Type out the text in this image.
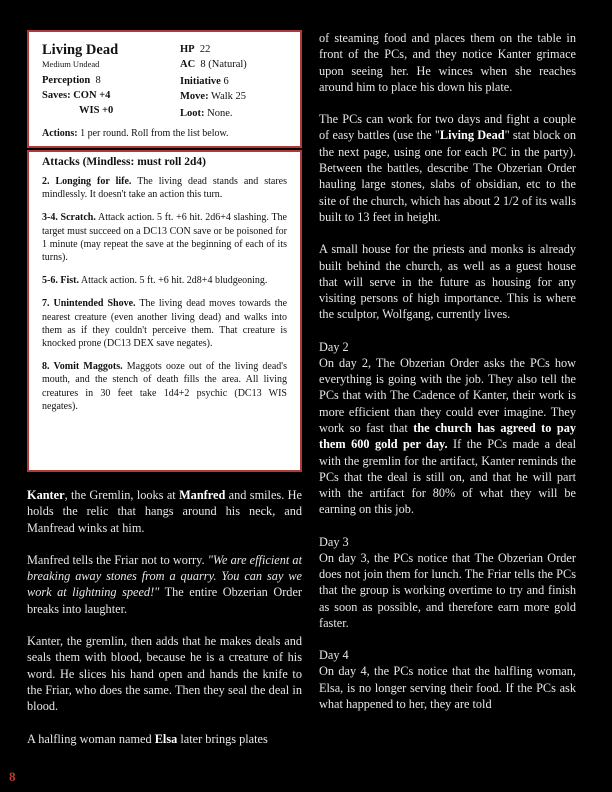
Living Dead
Medium Undead
Perception 8
Saves: CON +4
WIS +0
HP 22
AC 8 (Natural)
Initiative 6
Move: Walk 25
Loot: None.
Actions: 1 per round. Roll from the list below.
Attacks (Mindless: must roll 2d4)
2. Longing for life. The living dead stands and stares mindlessly. It doesn't take an action this turn.
3-4. Scratch. Attack action. 5 ft. +6 hit. 2d6+4 slashing. The target must succeed on a DC13 CON save or be poisoned for 1 minute (may repeat the save at the beginning of each of its turns).
5-6. Fist. Attack action. 5 ft. +6 hit. 2d8+4 bludgeoning.
7. Unintended Shove. The living dead moves towards the nearest creature (even another living dead) and walks into them as if they couldn't perceive them. That creature is knocked prone (DC13 DEX save negates).
8. Vomit Maggots. Maggots ooze out of the living dead's mouth, and the stench of death fills the area. All living creatures in 30 feet take 1d4+2 psychic (DC13 WIS negates).

Kanter, the Gremlin, looks at Manfred and smiles. He holds the relic that hangs around his neck, and Manfread winks at him.

Manfred tells the Friar not to worry. "We are efficient at breaking away stones from a quarry. You can say we work at lightning speed!" The entire Obzerian Order breaks into laughter.

Kanter, the gremlin, then adds that he makes deals and seals them with blood, because he is a creature of his word. He slices his hand open and hands the knife to the Friar, who does the same. Then they seal the deal in blood.

A halfling woman named Elsa later brings plates

of steaming food and places them on the table in front of the PCs, and they notice Kanter grimace upon seeing her. He winces when she reaches around him to place his down his plate.

The PCs can work for two days and fight a couple of easy battles (use the "Living Dead" stat block on the next page, using one for each PC in the party). Between the battles, describe The Obzerian Order hauling large stones, slabs of obsidian, etc to the site of the church, which has about 2 1/2 of its walls built to 13 feet in height.

A small house for the priests and monks is already built behind the church, as well as a guest house that will serve in the future as housing for any visiting persons of high importance. This is where the sculptor, Wolfgang, currently lives.

Day 2

On day 2, The Obzerian Order asks the PCs how everything is going with the job. They also tell the PCs that with The Cadence of Kanter, their work is more efficient than they could ever imagine. They work so fast that the church has agreed to pay them 600 gold per day. If the PCs made a deal with the gremlin for the artifact, Kanter reminds the PCs that the deal is still on, and that he will part with the artifact for 80% of what they will be earning on this job.

Day 3

On day 3, the PCs notice that The Obzerian Order does not join them for lunch. The Friar tells the PCs that the group is working overtime to try and finish as soon as possible, and therefore earn more gold faster.

Day 4

On day 4, the PCs notice that the halfling woman, Elsa, is no longer serving their food. If the PCs ask what happened to her, they are told

8
